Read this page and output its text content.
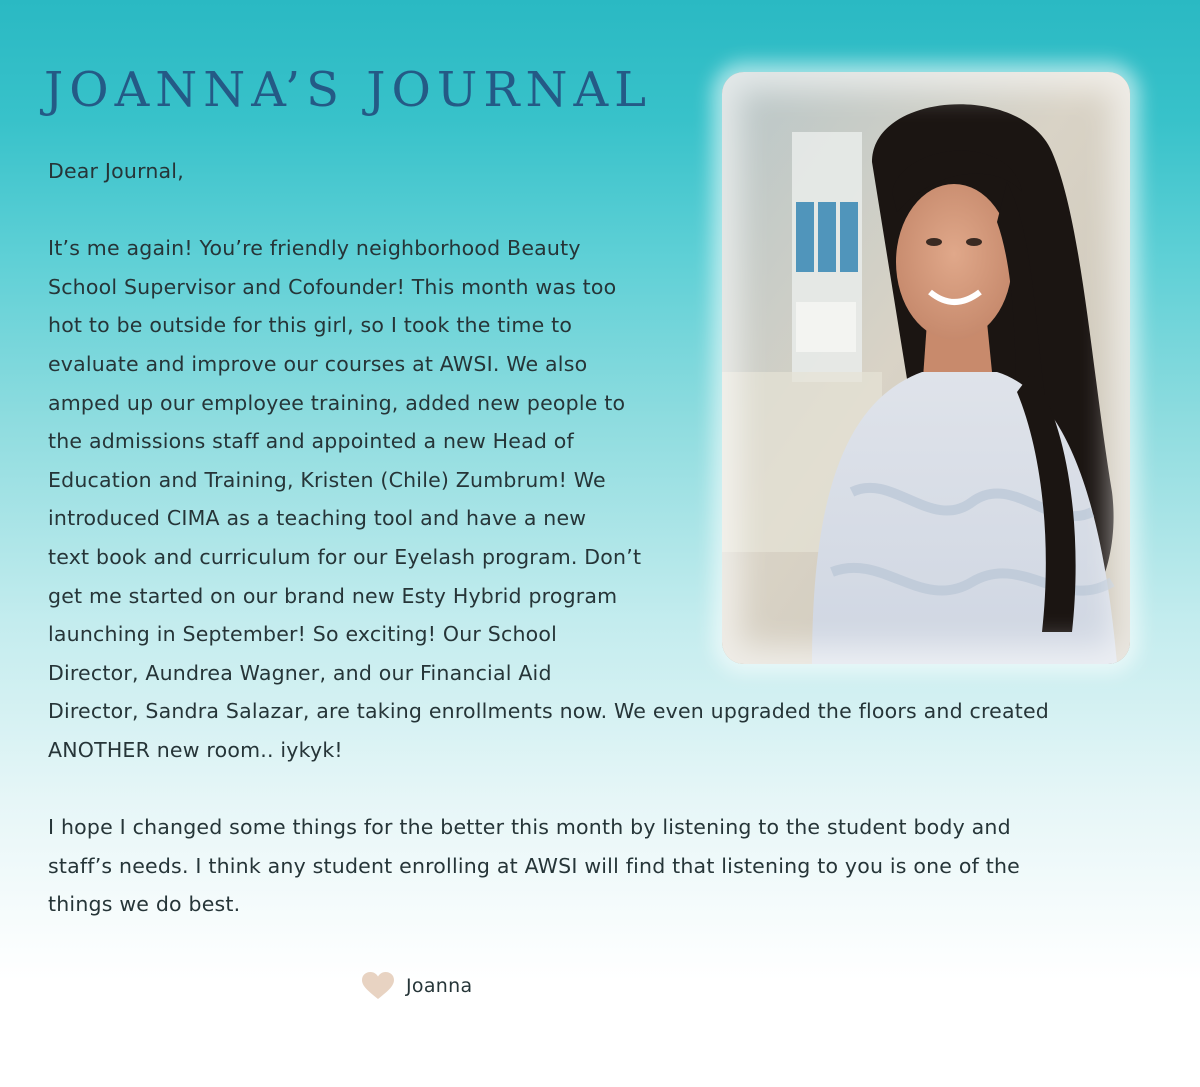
JOANNA’S JOURNAL

Dear Journal,

It’s me again! You’re friendly neighborhood Beauty
School Supervisor and Cofounder! This month was too
hot to be outside for this girl, so I took the time to
evaluate and improve our courses at AWSI. We also
amped up our employee training, added new people to
the admissions staff and appointed a new Head of
Education and Training, Kristen (Chile) Zumbrum! We
introduced CIMA as a teaching tool and have a new
text book and curriculum for our Eyelash program. Don’t
get me started on our brand new Esty Hybrid program
launching in September! So exciting! Our School
Director, Aundrea Wagner, and our Financial Aid
Director, Sandra Salazar, are taking enrollments now. We even upgraded the floors and created
ANOTHER new room.. iykyk!

I hope I changed some things for the better this month by listening to the student body and
staff’s needs. I think any student enrolling at AWSI will find that listening to you is one of the
things we do best.

Joanna
